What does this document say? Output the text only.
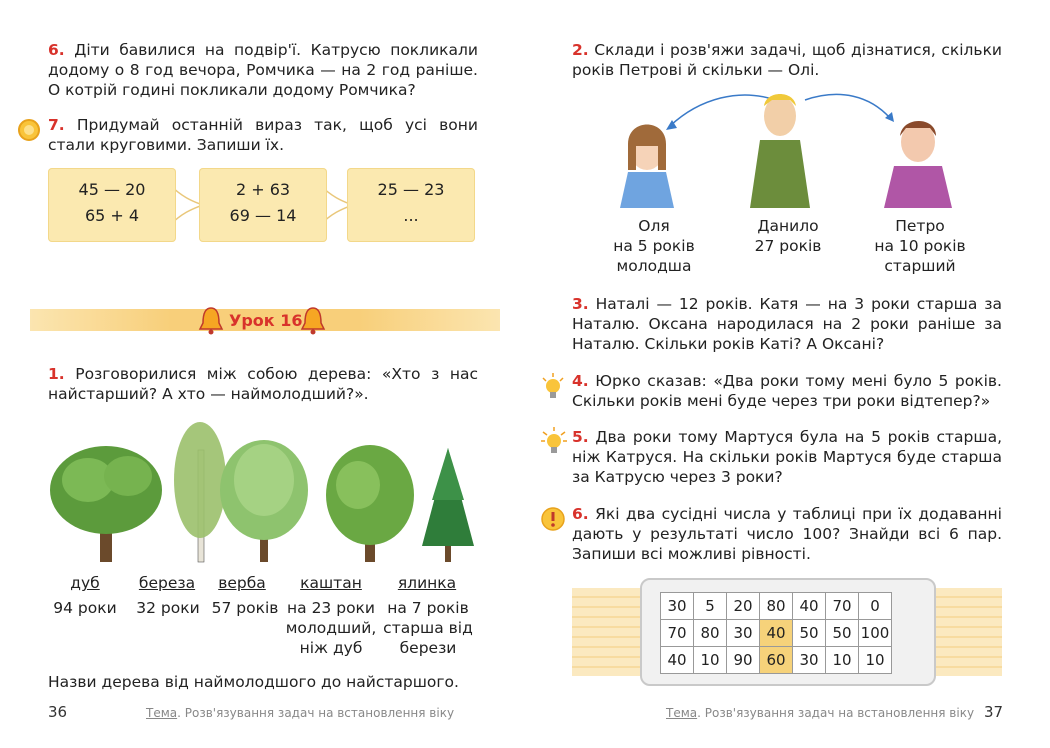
6. Діти бавилися на подвір'ї. Катрусю покликали додому о 8 год вечора, Ромчика — на 2 год раніше. О котрій годині покликали додому Ромчика?
7. Придумай останній вираз так, щоб усі вони стали круговими. Запиши їх.
45 — 20
65 + 4
2 + 63
69 — 14
25 — 23
...
Урок 16
1. Розговорилися між собою дерева: «Хто з нас найстарший? А хто — наймолодший?».
дуб
94 роки
береза
32 роки
верба
57 років
каштан
на 23 роки молодший, ніж дуб
ялинка
на 7 років старша від берези
Назви дерева від наймолодшого до найстаршого.
36	Тема. Розв'язування задач на встановлення віку
2. Склади і розв'яжи задачі, щоб дізнатися, скільки років Петрові й скільки — Олі.
Оля
на 5 років
молодша
Данило
27 років
Петро
на 10 років
старший
3. Наталі — 12 років. Катя — на 3 роки старша за Наталю. Оксана народилася на 2 роки раніше за Наталю. Скільки років Каті? А Оксані?
4. Юрко сказав: «Два роки тому мені було 5 років. Скільки років мені буде через три роки відтепер?»
5. Два роки тому Мартуся була на 5 років старша, ніж Катруся. На скільки років Мартуся буде старша за Катрусю через 3 роки?
6. Які два сусідні числа у таблиці при їх додаванні дають у результаті число 100? Знайди всі 6 пар. Запиши всі можливі рівності.
30	5	20	80	40	70	0
70	80	30	40	50	50	100
40	10	90	60	30	10	10
Тема. Розв'язування задач на встановлення віку 37
